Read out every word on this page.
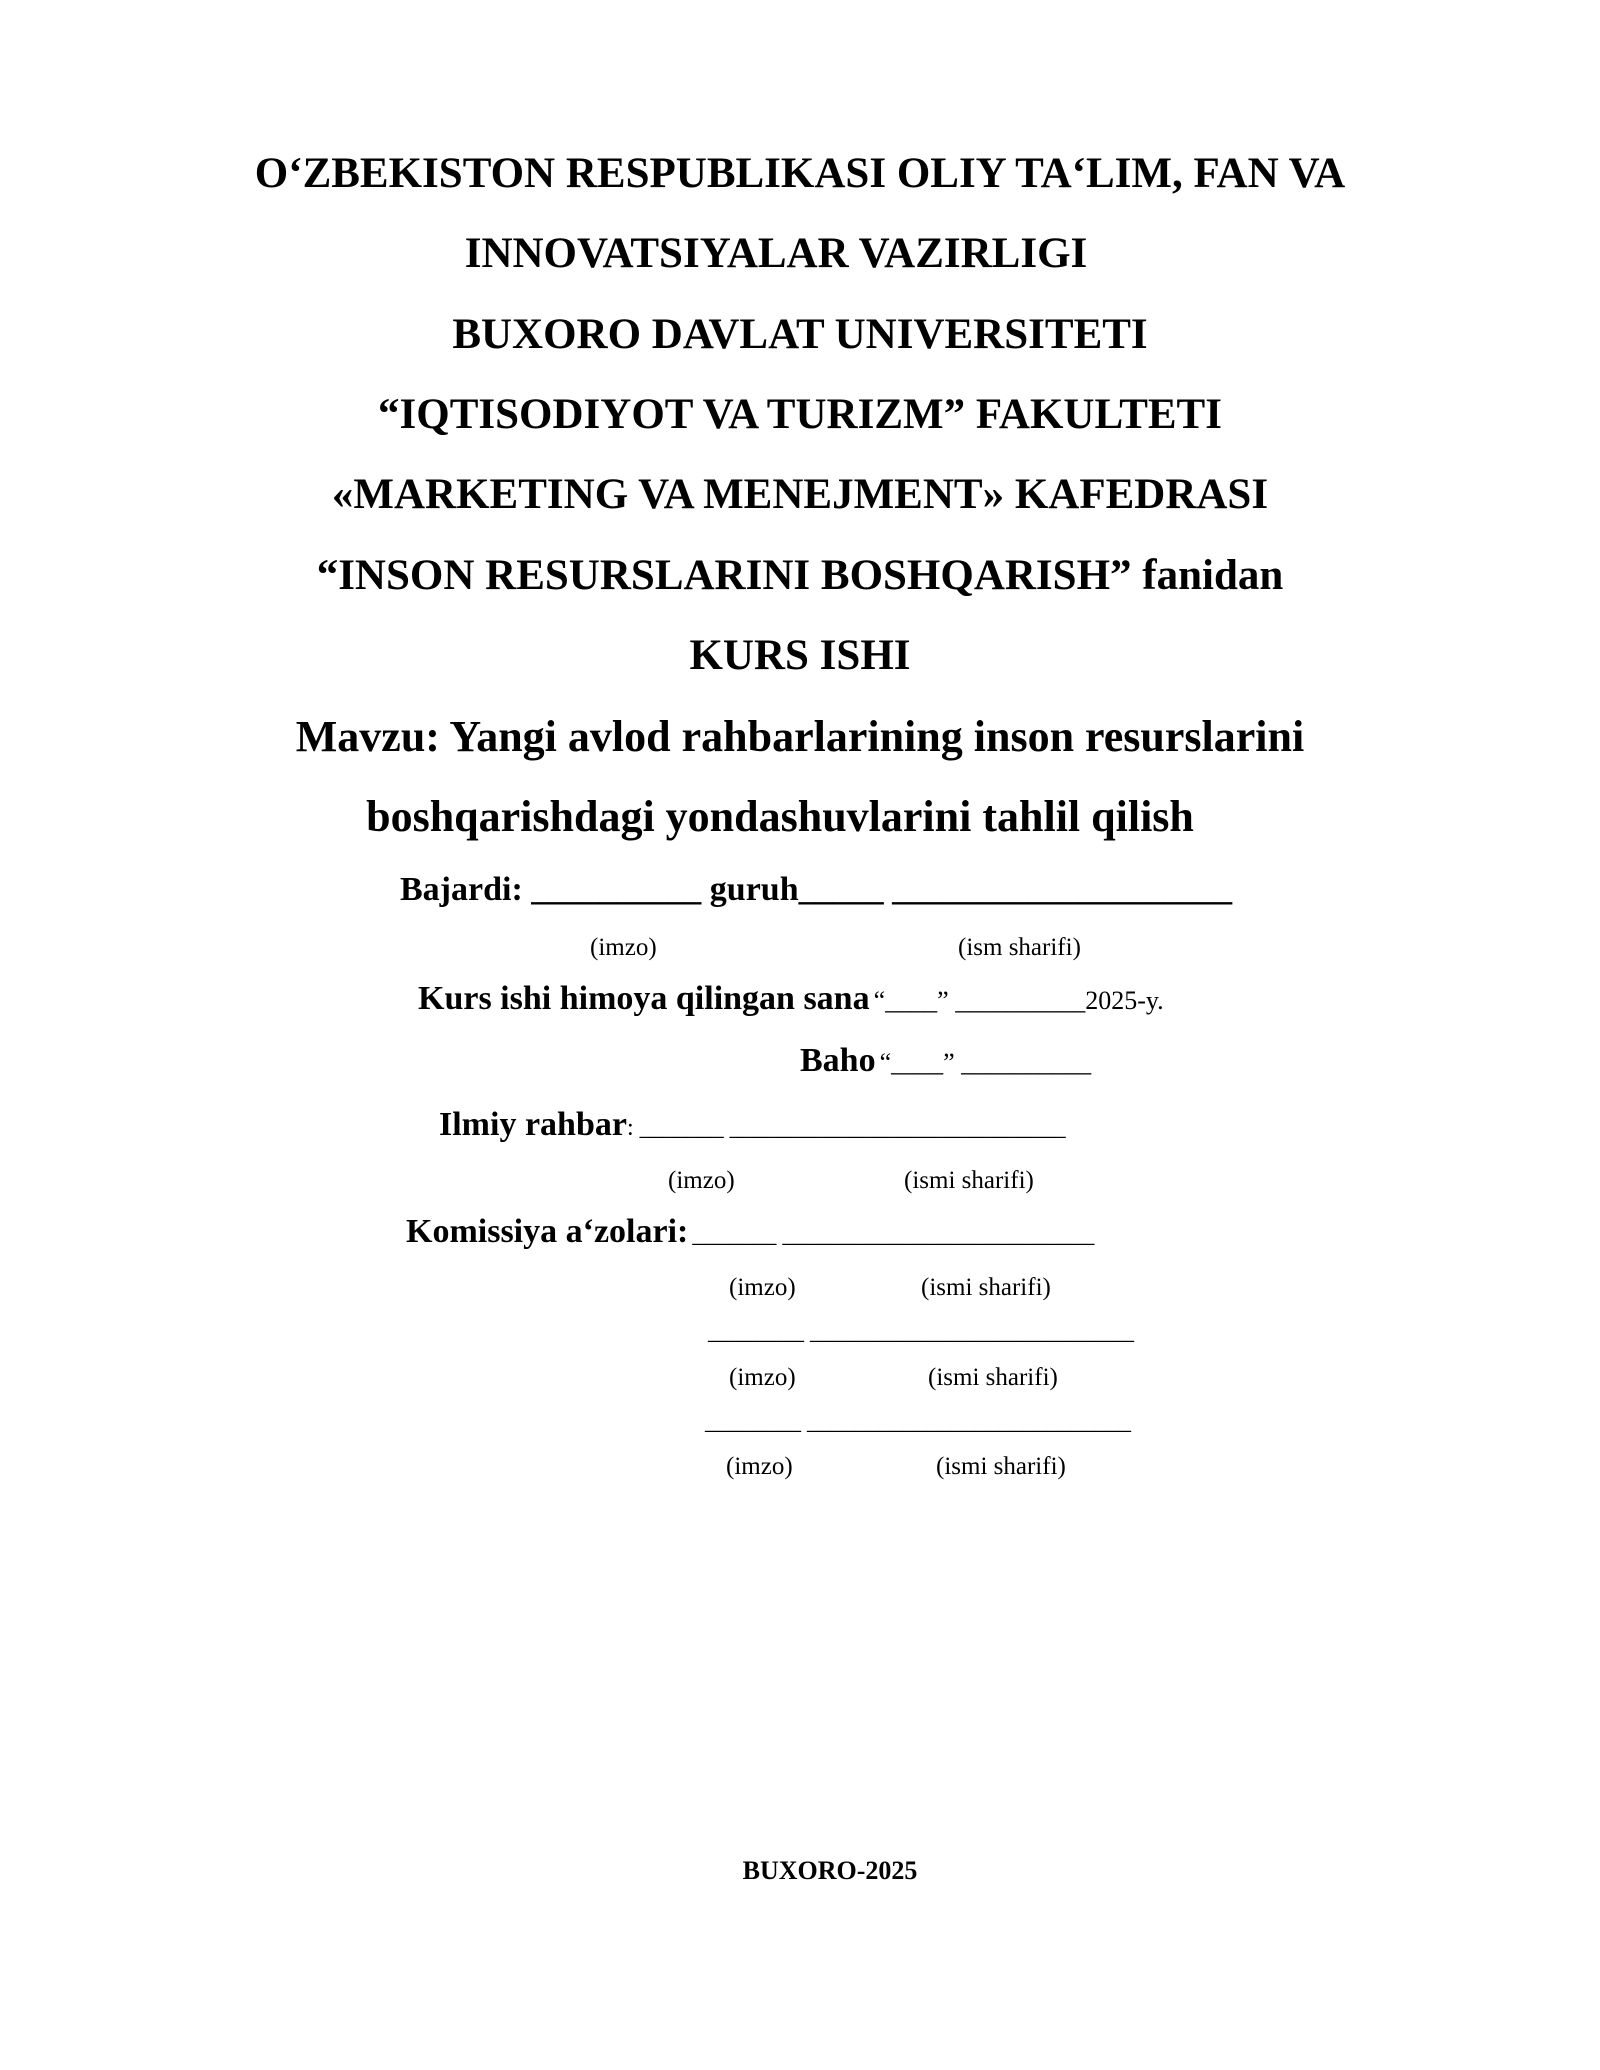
O‘ZBEKISTON RESPUBLIKASI OLIY TA‘LIM, FAN VA
INNOVATSIYALAR VAZIRLIGI
BUXORO DAVLAT UNIVERSITETI
“IQTISODIYOT VA TURIZM” FAKULTETI
«MARKETING VA MENEJMENT» KAFEDRASI
“INSON RESURSLARINI BOSHQARISH” fanidan
KURS ISHI
Mavzu: Yangi avlod rahbarlarining inson resurslarini
boshqarishdagi yondashuvlarini tahlil qilish
Bajardi: __________ guruh_____ ____________________
(imzo)	(ism sharifi)
Kurs ishi himoya qilingan sana “____” __________2025-y.
Baho “____” __________
Ilmiy rahbar: _______ ____________________________
(imzo)	(ismi sharifi)
Komissiya a‘zolari: _______ __________________________
(imzo)	(ismi sharifi)
________ ___________________________
(imzo)	(ismi sharifi)
________ ___________________________
(imzo)	(ismi sharifi)
BUXORO-2025
